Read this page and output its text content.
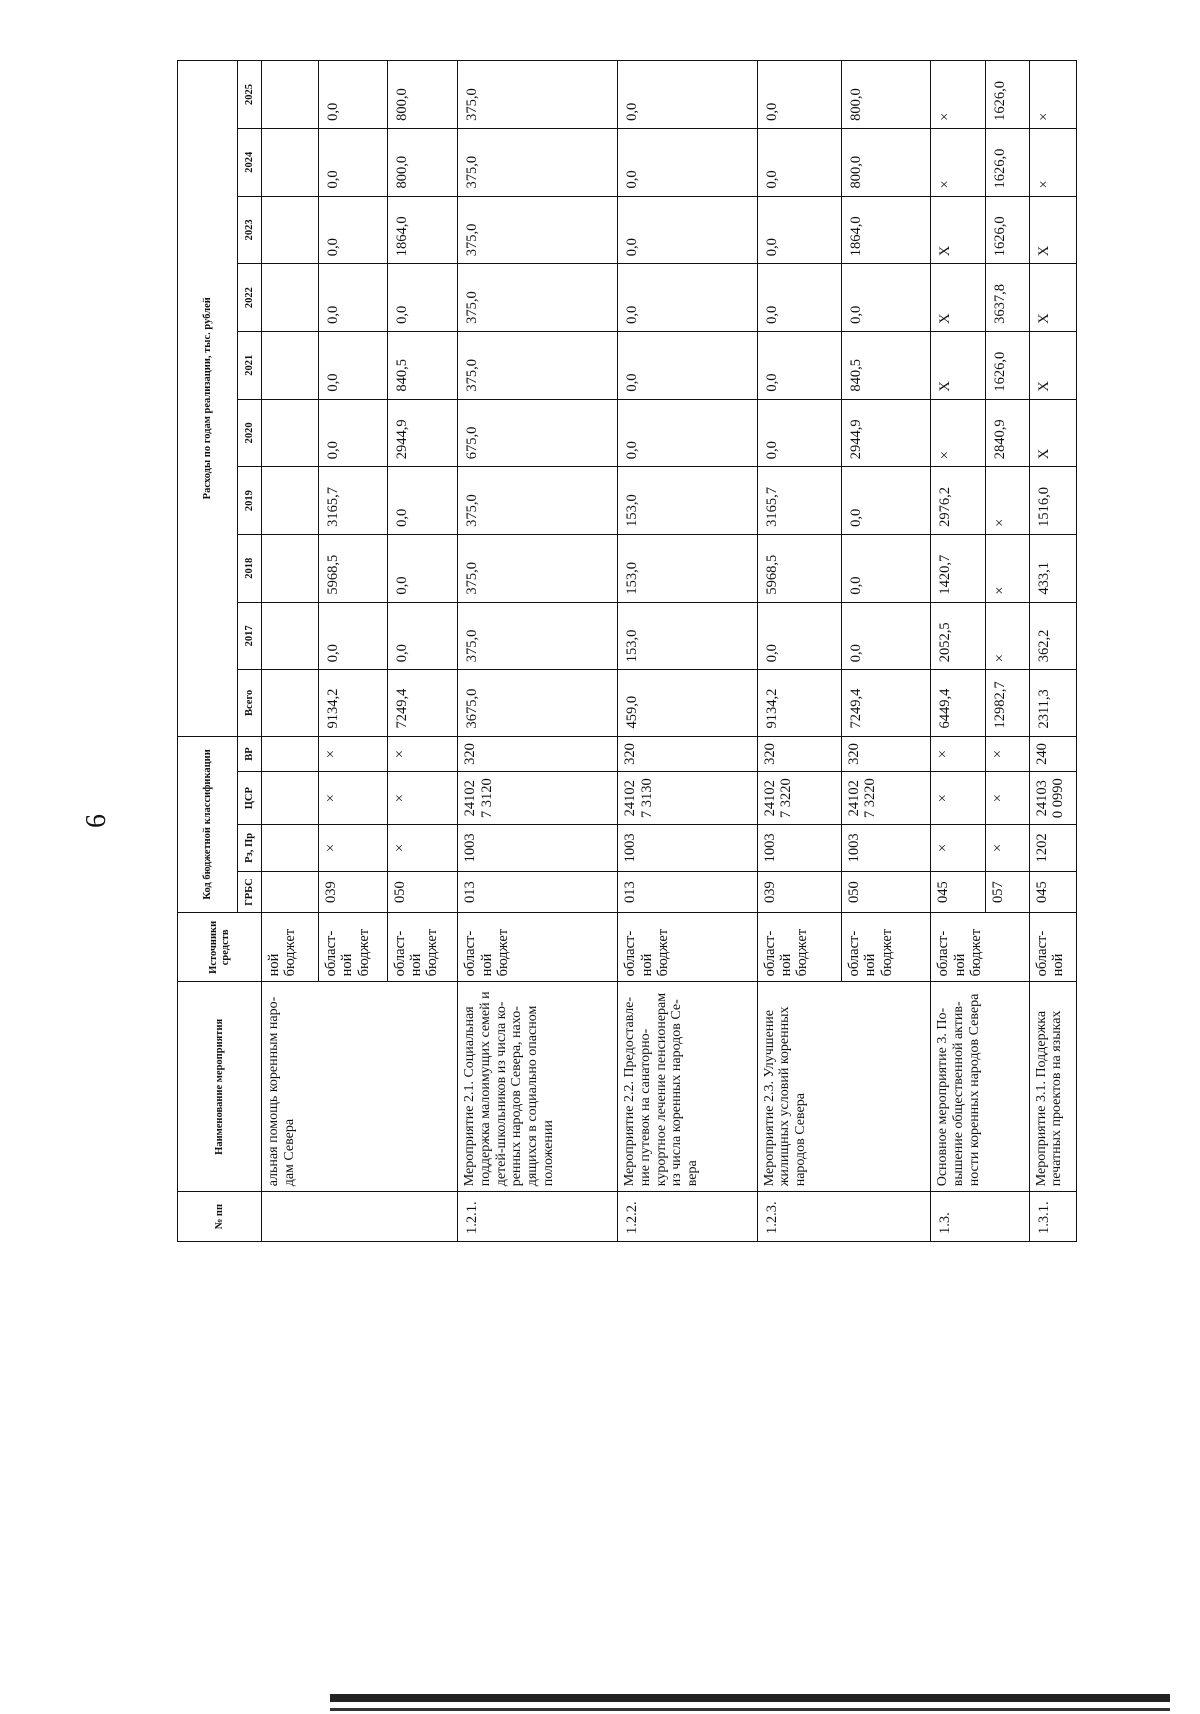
6
№ пп	Наименование мероприятия	Источники средств	Код бюджетной классификации				Расходы по годам реализации, тыс. рублей									
			ГРБС	Рз, Пр	ЦСР	ВР	Всего	2017	2018	2019	2020	2021	2022	2023	2024	2025
	альная помощь коренным наро-дам Севера	ной бюджет														
		област-ной бюджет	039	×	×	×	9134,2	0,0	5968,5	3165,7	0,0	0,0	0,0	0,0	0,0	0,0
		област-ной бюджет	050	×	×	×	7249,4	0,0	0,0	0,0	2944,9	840,5	0,0	1864,0	800,0	800,0
1.2.1.	Мероприятие 2.1. Социальная поддержка малоимущих семей и детей-школьников из числа ко-ренных народов Севера, нахо-дящихся в социально опасном положении	област-ной бюджет	013	1003	241027 3120	320	3675,0	375,0	375,0	375,0	675,0	375,0	375,0	375,0	375,0	375,0
1.2.2.	Мероприятие 2.2. Предоставле-ние путевок на санаторно-курортное лечение пенсионерам из числа коренных народов Се-вера	област-ной бюджет	013	1003	241027 3130	320	459,0	153,0	153,0	153,0	0,0	0,0	0,0	0,0	0,0	0,0
1.2.3.	Мероприятие 2.3. Улучшение жилищных условий коренных народов Севера	област-ной бюджет	039	1003	241027 3220	320	9134,2	0,0	5968,5	3165,7	0,0	0,0	0,0	0,0	0,0	0,0
		област-ной бюджет	050	1003	241027 3220	320	7249,4	0,0	0,0	0,0	2944,9	840,5	0,0	1864,0	800,0	800,0
1.3.	Основное мероприятие 3. По-вышение общественной актив-ности коренных народов Севера	област-ной бюджет	045	×	×	×	6449,4	2052,5	1420,7	2976,2	×	X	X	X	×	×
			057	×	×	×	12982,7	×	×	×	2840,9	1626,0	3637,8	1626,0	1626,0	1626,0
1.3.1.	Мероприятие 3.1. Поддержка печатных проектов на языках	област-ной	045	1202	241030 0990	240	2311,3	362,2	433,1	1516,0	X	X	X	X	×	×
